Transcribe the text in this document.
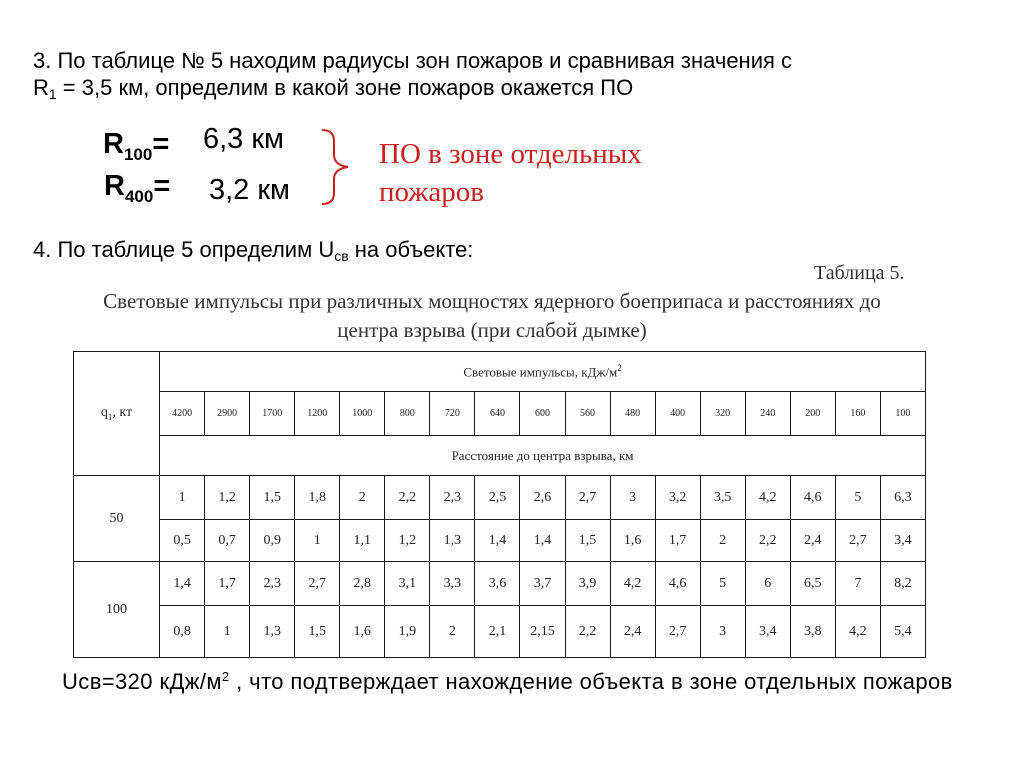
3. По таблице № 5 находим радиусы зон пожаров и сравнивая значения с
$R_1 = 3,5$ км, определим в какой зоне пожаров окажется ПО
$R_{100}= 6,3$ км
$R_{400}= 3,2$ км
ПО в зоне отдельных пожаров
4. По таблице 5 определим $U_{св}$ на объекте:
Таблица 5.
Световые импульсы при различных мощностях ядерного боеприпаса и расстояниях до центра взрыва (при слабой дымке)
$q_1$, кт	Световые импульсы, кДж/$м^2$
	4200	2900	1700	1200	1000	800	720	640	600	560	480	400	320	240	200	160	100
	Расстояние до центра взрыва, км																
50	1	1,2	1,5	1,8	2	2,2	2,3	2,5	2,6	2,7	3	3,2	3,5	4,2	4,6	5	6,3
	0,5	0,7	0,9	1	1,1	1,2	1,3	1,4	1,4	1,5	1,6	1,7	2	2,2	2,4	2,7	3,4
100	1,4	1,7	2,3	2,7	2,8	3,1	3,3	3,6	3,7	3,9	4,2	4,6	5	6	6,5	7	8,2
	0,8	1	1,3	1,5	1,6	1,9	2	2,1	2,15	2,2	2,4	2,7	3	3,4	3,8	4,2	5,4
Uсв=320 кДж/$м^2$ , что подтверждает нахождение объекта в зоне отдельных пожаров
